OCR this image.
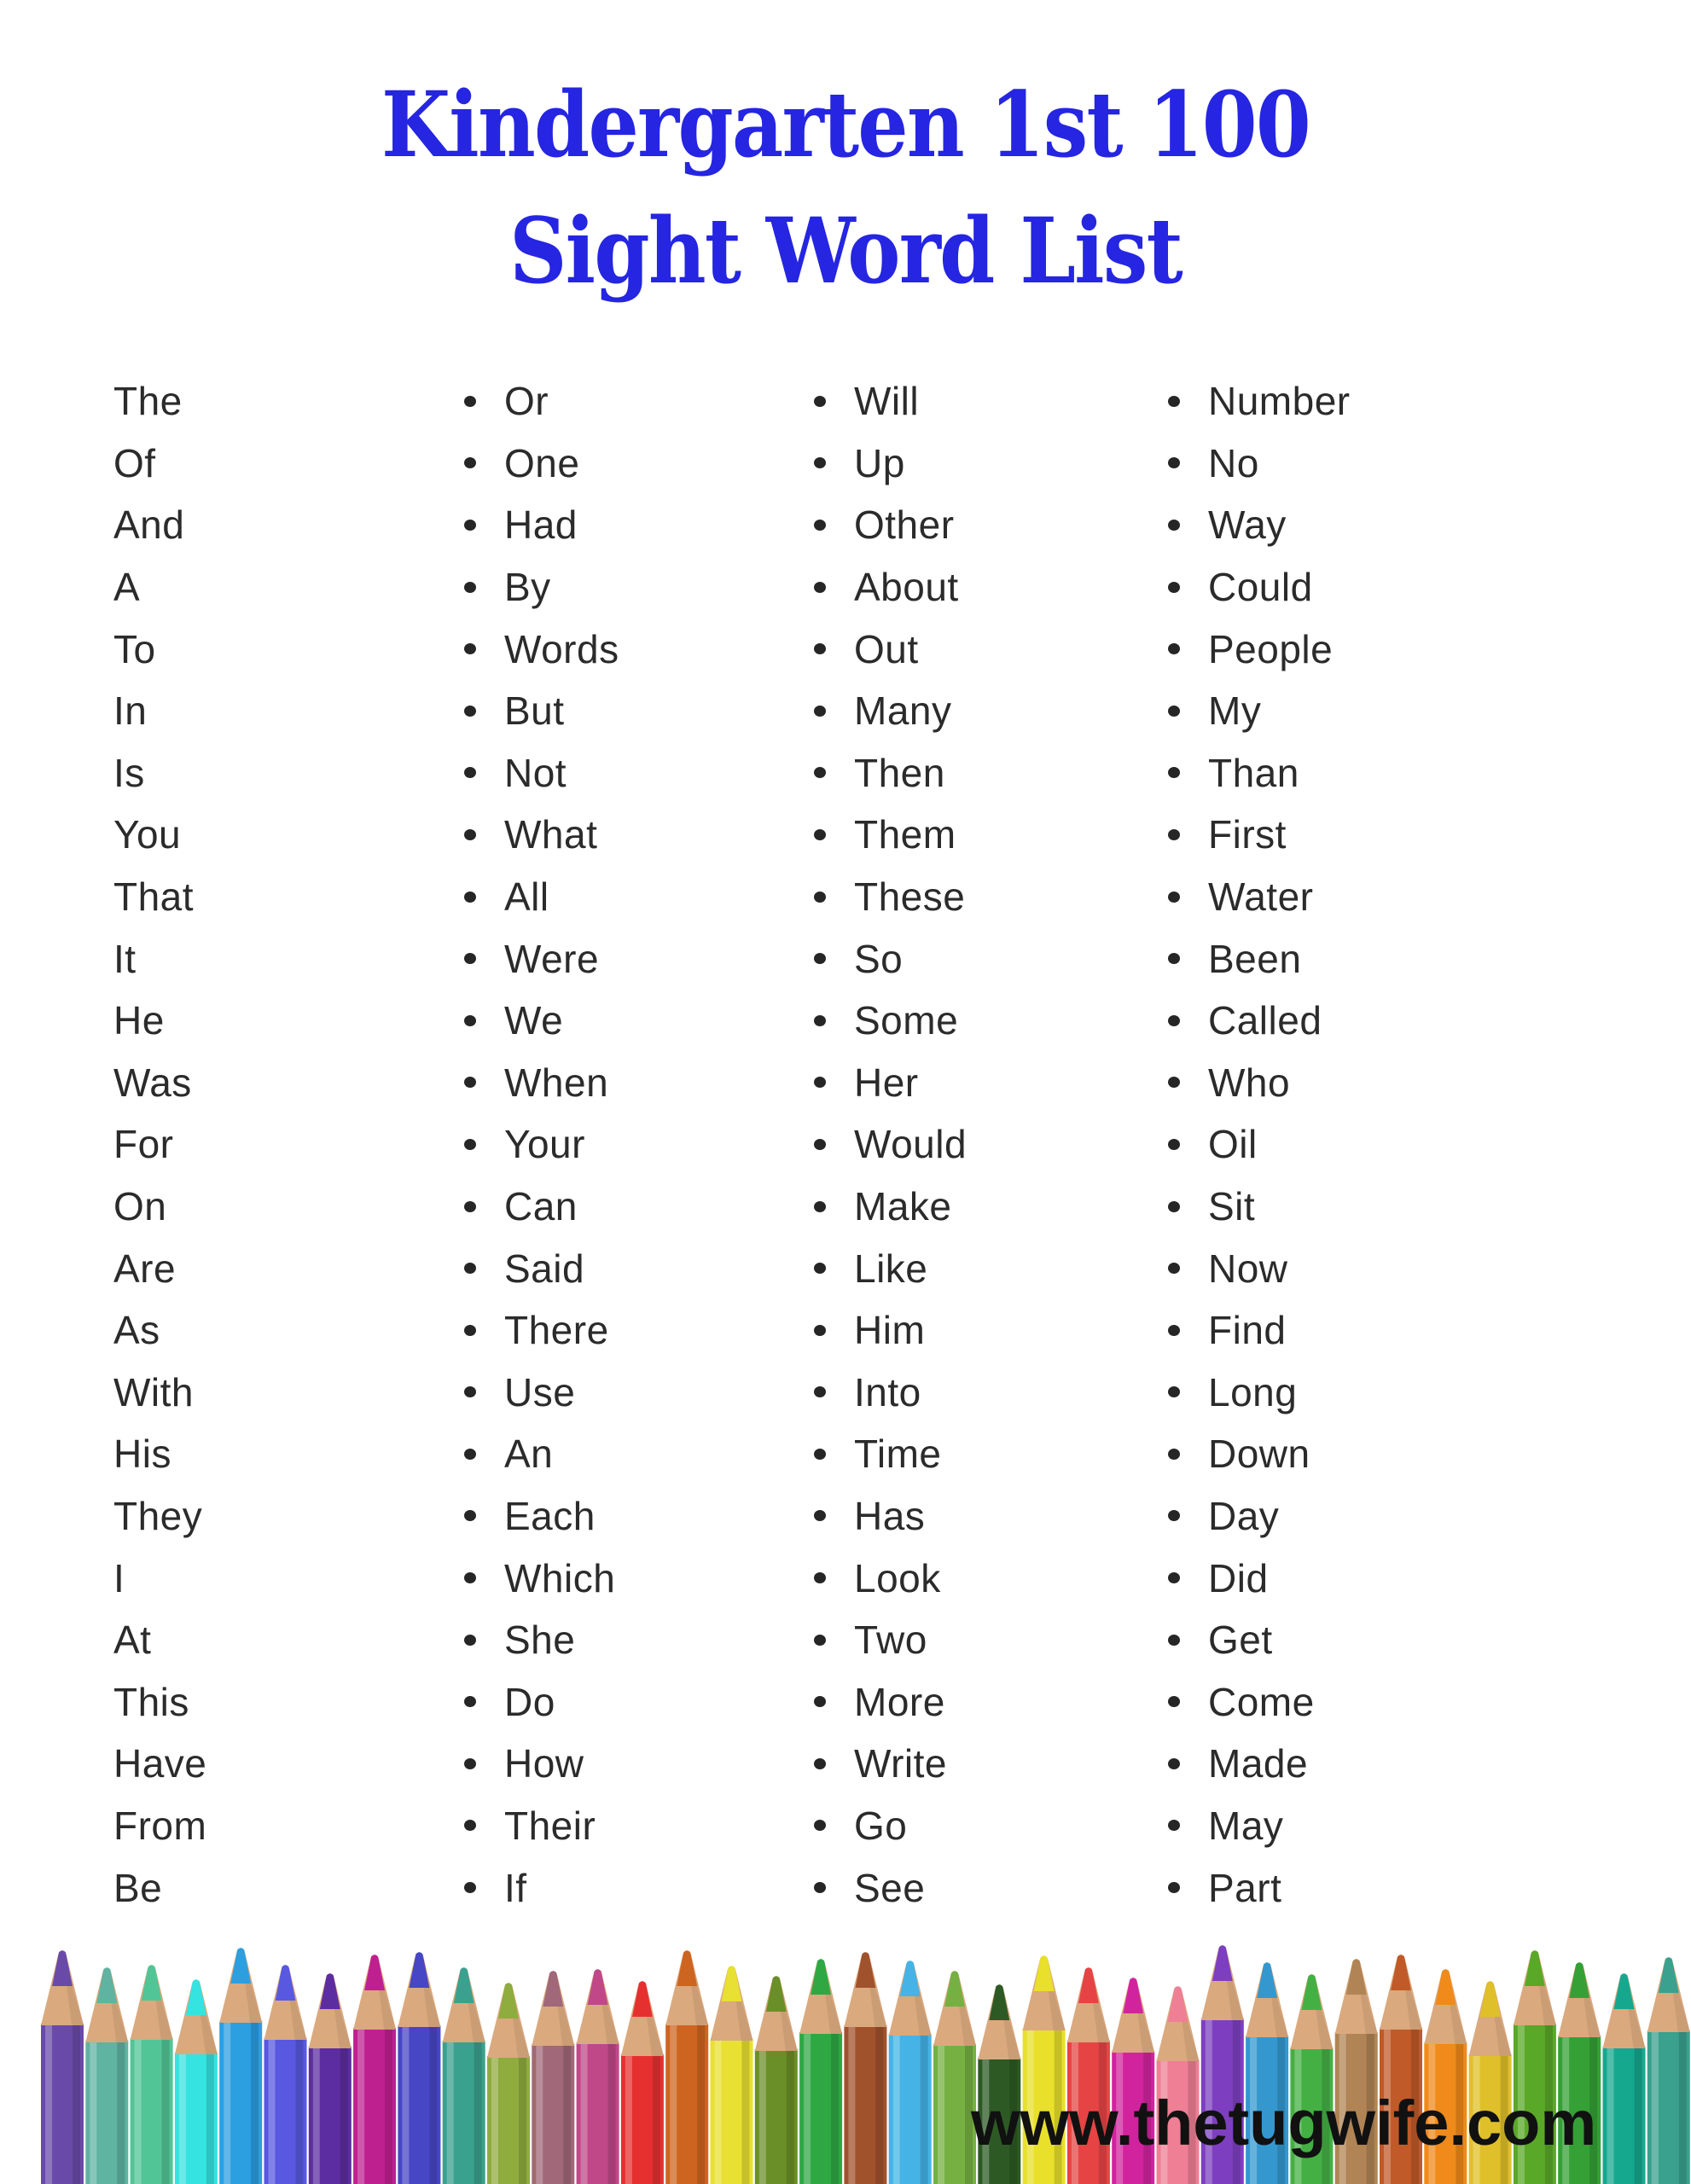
Kindergarten 1st 100
Sight Word List
The
Of
And
A
To
In
Is
You
That
It
He
Was
For
On
Are
As
With
His
They
I
At
This
Have
From
Be
Or
One
Had
By
Words
But
Not
What
All
Were
We
When
Your
Can
Said
There
Use
An
Each
Which
She
Do
How
Their
If
Will
Up
Other
About
Out
Many
Then
Them
These
So
Some
Her
Would
Make
Like
Him
Into
Time
Has
Look
Two
More
Write
Go
See
Number
No
Way
Could
People
My
Than
First
Water
Been
Called
Who
Oil
Sit
Now
Find
Long
Down
Day
Did
Get
Come
Made
May
Part
www.thetugwife.com
